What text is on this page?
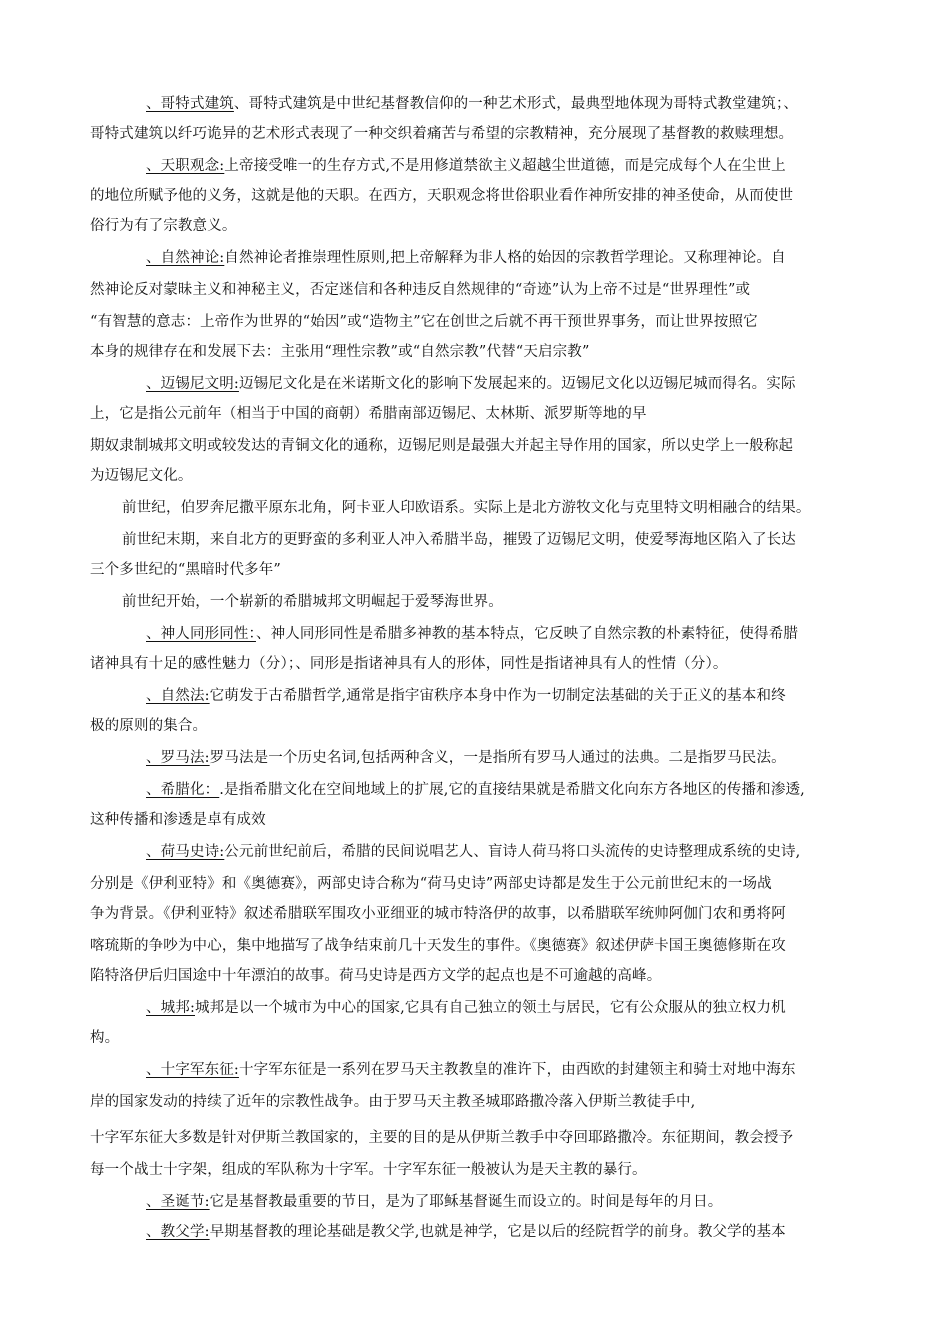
、哥特式建筑、哥特式建筑是中世纪基督教信仰的一种艺术形式，最典型地体现为哥特式教堂建筑；、
哥特式建筑以纤巧诡异的艺术形式表现了一种交织着痛苦与希望的宗教精神，充分展现了基督教的救赎理想。
、天职观念:上帝接受唯一的生存方式,不是用修道禁欲主义超越尘世道德，而是完成每个人在尘世上
的地位所赋予他的义务，这就是他的天职。在西方，天职观念将世俗职业看作神所安排的神圣使命，从而使世
俗行为有了宗教意义。
、自然神论:自然神论者推崇理性原则,把上帝解释为非人格的始因的宗教哲学理论。又称理神论。自
然神论反对蒙昧主义和神秘主义，否定迷信和各种违反自然规律的“奇迹”认为上帝不过是“世界理性”或
“有智慧的意志：上帝作为世界的“始因”或“造物主”它在创世之后就不再干预世界事务，而让世界按照它
本身的规律存在和发展下去：主张用“理性宗教”或“自然宗教”代替“天启宗教”
、迈锡尼文明:迈锡尼文化是在米诺斯文化的影响下发展起来的。迈锡尼文化以迈锡尼城而得名。实际
上，它是指公元前年（相当于中国的商朝）希腊南部迈锡尼、太林斯、派罗斯等地的早
期奴隶制城邦文明或较发达的青铜文化的通称，迈锡尼则是最强大并起主导作用的国家，所以史学上一般称起
为迈锡尼文化。
前世纪，伯罗奔尼撒平原东北角，阿卡亚人印欧语系。实际上是北方游牧文化与克里特文明相融合的结果。
前世纪末期，来自北方的更野蛮的多利亚人冲入希腊半岛，摧毁了迈锡尼文明，使爱琴海地区陷入了长达
三个多世纪的“黑暗时代多年”
前世纪开始，一个崭新的希腊城邦文明崛起于爱琴海世界。
、神人同形同性：、神人同形同性是希腊多神教的基本特点，它反映了自然宗教的朴素特征，使得希腊
诸神具有十足的感性魅力（分）；、同形是指诸神具有人的形体，同性是指诸神具有人的性情（分）。
、自然法:它萌发于古希腊哲学,通常是指宇宙秩序本身中作为一切制定法基础的关于正义的基本和终
极的原则的集合。
、罗马法:罗马法是一个历史名词,包括两种含义，一是指所有罗马人通过的法典。二是指罗马民法。
、希腊化：.是指希腊文化在空间地域上的扩展,它的直接结果就是希腊文化向东方各地区的传播和渗透,
这种传播和渗透是卓有成效
、荷马史诗:公元前世纪前后，希腊的民间说唱艺人、盲诗人荷马将口头流传的史诗整理成系统的史诗,
分别是《伊利亚特》和《奥德赛》，两部史诗合称为“荷马史诗”两部史诗都是发生于公元前世纪末的一场战
争为背景。《伊利亚特》叙述希腊联军围攻小亚细亚的城市特洛伊的故事，以希腊联军统帅阿伽门农和勇将阿
喀琉斯的争吵为中心，集中地描写了战争结束前几十天发生的事件。《奥德赛》叙述伊萨卡国王奥德修斯在攻
陷特洛伊后归国途中十年漂泊的故事。荷马史诗是西方文学的起点也是不可逾越的高峰。
、城邦:城邦是以一个城市为中心的国家,它具有自己独立的领土与居民，它有公众服从的独立权力机
构。
、十字军东征:十字军东征是一系列在罗马天主教教皇的准许下，由西欧的封建领主和骑士对地中海东
岸的国家发动的持续了近年的宗教性战争。由于罗马天主教圣城耶路撒冷落入伊斯兰教徒手中,
十字军东征大多数是针对伊斯兰教国家的，主要的目的是从伊斯兰教手中夺回耶路撒冷。东征期间，教会授予
每一个战士十字架，组成的军队称为十字军。十字军东征一般被认为是天主教的暴行。
、圣诞节:它是基督教最重要的节日，是为了耶稣基督诞生而设立的。时间是每年的月日。
、教父学:早期基督教的理论基础是教父学,也就是神学，它是以后的经院哲学的前身。教父学的基本
